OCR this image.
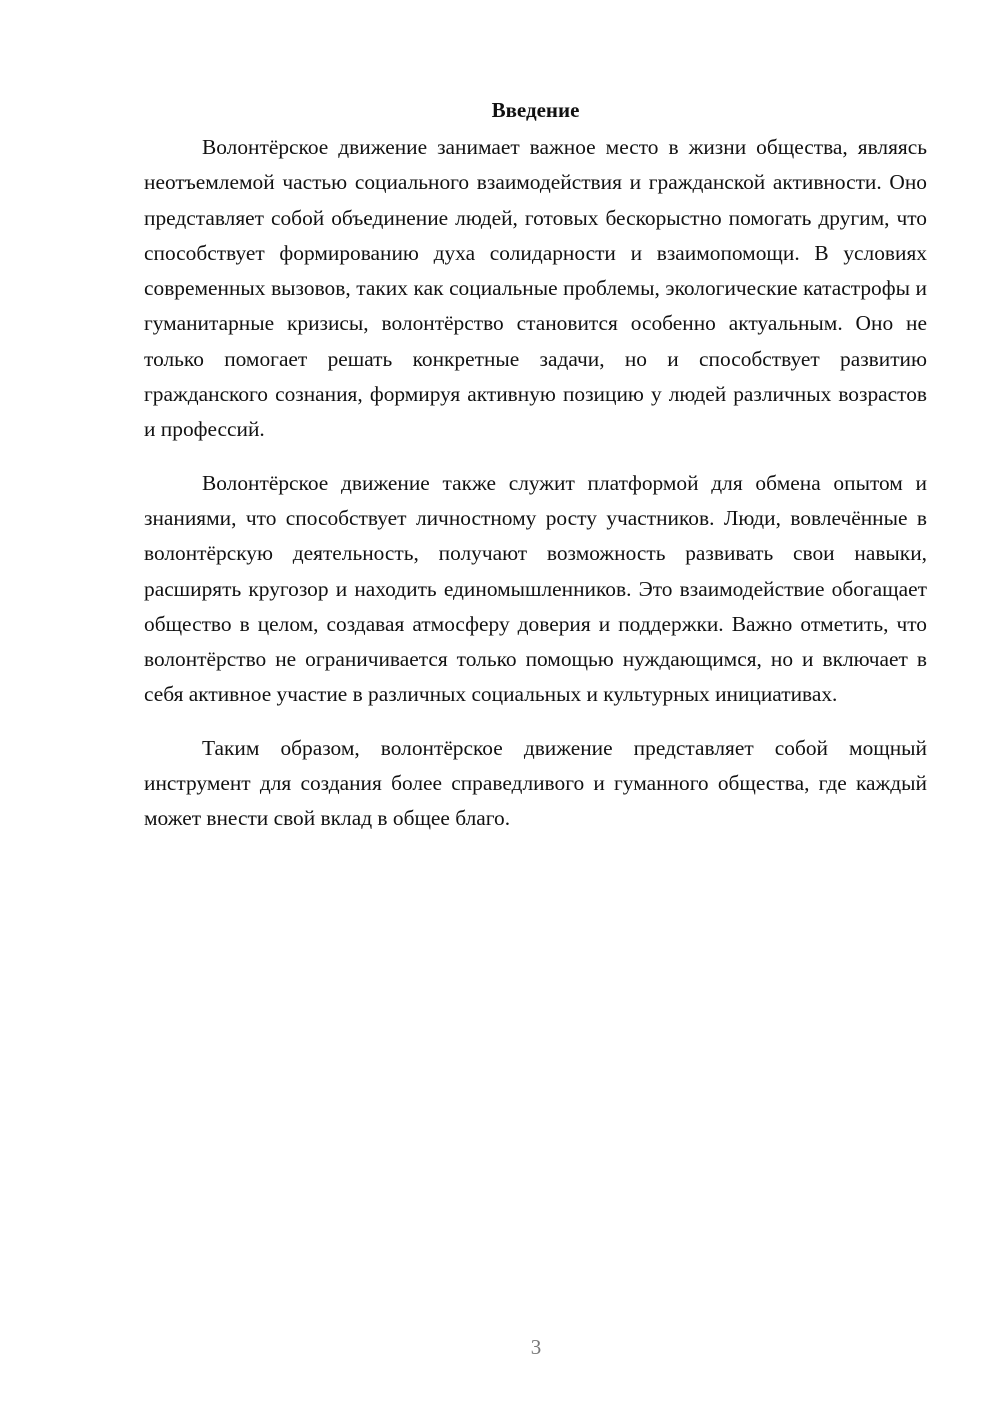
Введение

Волонтёрское движение занимает важное место в жизни общества, являясь неотъемлемой частью социального взаимодействия и гражданской активности. Оно представляет собой объединение людей, готовых бескорыстно помогать другим, что способствует формированию духа солидарности и взаимопомощи. В условиях современных вызовов, таких как социальные проблемы, экологические катастрофы и гуманитарные кризисы, волонтёрство становится особенно актуальным. Оно не только помогает решать конкретные задачи, но и способствует развитию гражданского сознания, формируя активную позицию у людей различных возрастов и профессий.

Волонтёрское движение также служит платформой для обмена опытом и знаниями, что способствует личностному росту участников. Люди, вовлечённые в волонтёрскую деятельность, получают возможность развивать свои навыки, расширять кругозор и находить единомышленников. Это взаимодействие обогащает общество в целом, создавая атмосферу доверия и поддержки. Важно отметить, что волонтёрство не ограничивается только помощью нуждающимся, но и включает в себя активное участие в различных социальных и культурных инициативах.

Таким образом, волонтёрское движение представляет собой мощный инструмент для создания более справедливого и гуманного общества, где каждый может внести свой вклад в общее благо.

3
